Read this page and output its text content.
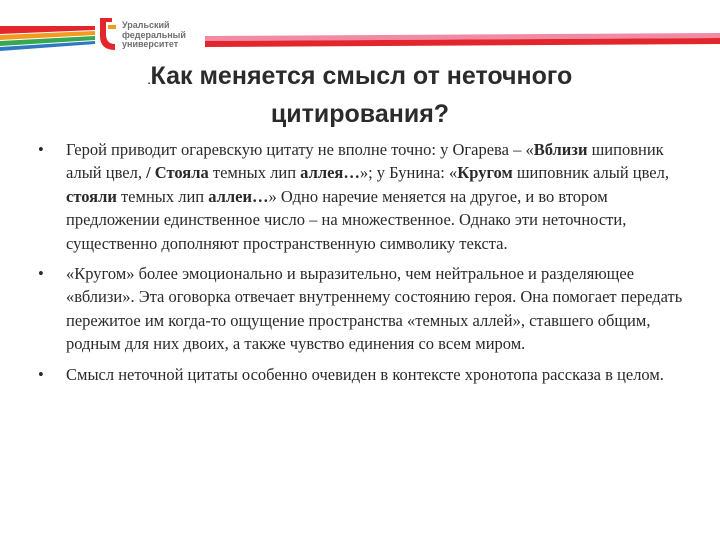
Уральский
федеральный
университет
.Как меняется смысл от неточного
цитирования?
• Герой приводит огаревскую цитату не вполне точно: у Огарева – «Вблизи шиповник алый цвел, / Стояла темных лип аллея…»; у Бунина: «Кругом шиповник алый цвел, стояли темных лип аллеи…» Одно наречие меняется на другое, и во втором предложении единственное число – на множественное. Однако эти неточности, существенно дополняют пространственную символику текста.
• «Кругом» более эмоционально и выразительно, чем нейтральное и разделяющее «вблизи». Эта оговорка отвечает внутреннему состоянию героя. Она помогает передать пережитое им когда-то ощущение пространства «темных аллей», ставшего общим, родным для них двоих, а также чувство единения со всем миром.
• Смысл неточной цитаты особенно очевиден в контексте хронотопа рассказа в целом.
